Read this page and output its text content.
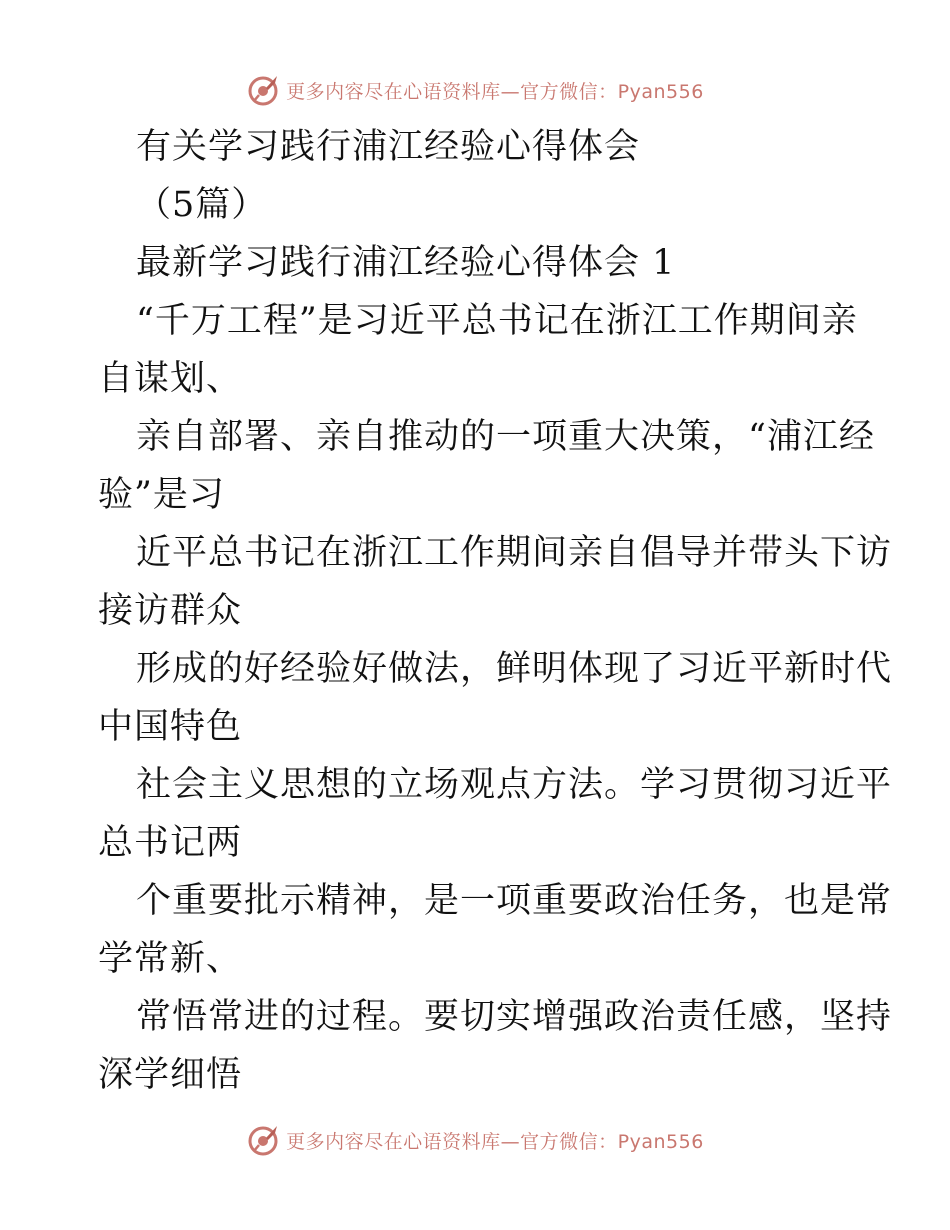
更多内容尽在心语资料库—官方微信：Pyan556
有关学习践行浦江经验心得体会
（5篇）
最新学习践行浦江经验心得体会 1
“千万工程”是习近平总书记在浙江工作期间亲
自谋划、
亲自部署、亲自推动的一项重大决策，“浦江经
验”是习
近平总书记在浙江工作期间亲自倡导并带头下访
接访群众
形成的好经验好做法，鲜明体现了习近平新时代
中国特色
社会主义思想的立场观点方法。学习贯彻习近平
总书记两
个重要批示精神，是一项重要政治任务，也是常
学常新、
常悟常进的过程。要切实增强政治责任感，坚持
深学细悟
更多内容尽在心语资料库—官方微信：Pyan556
